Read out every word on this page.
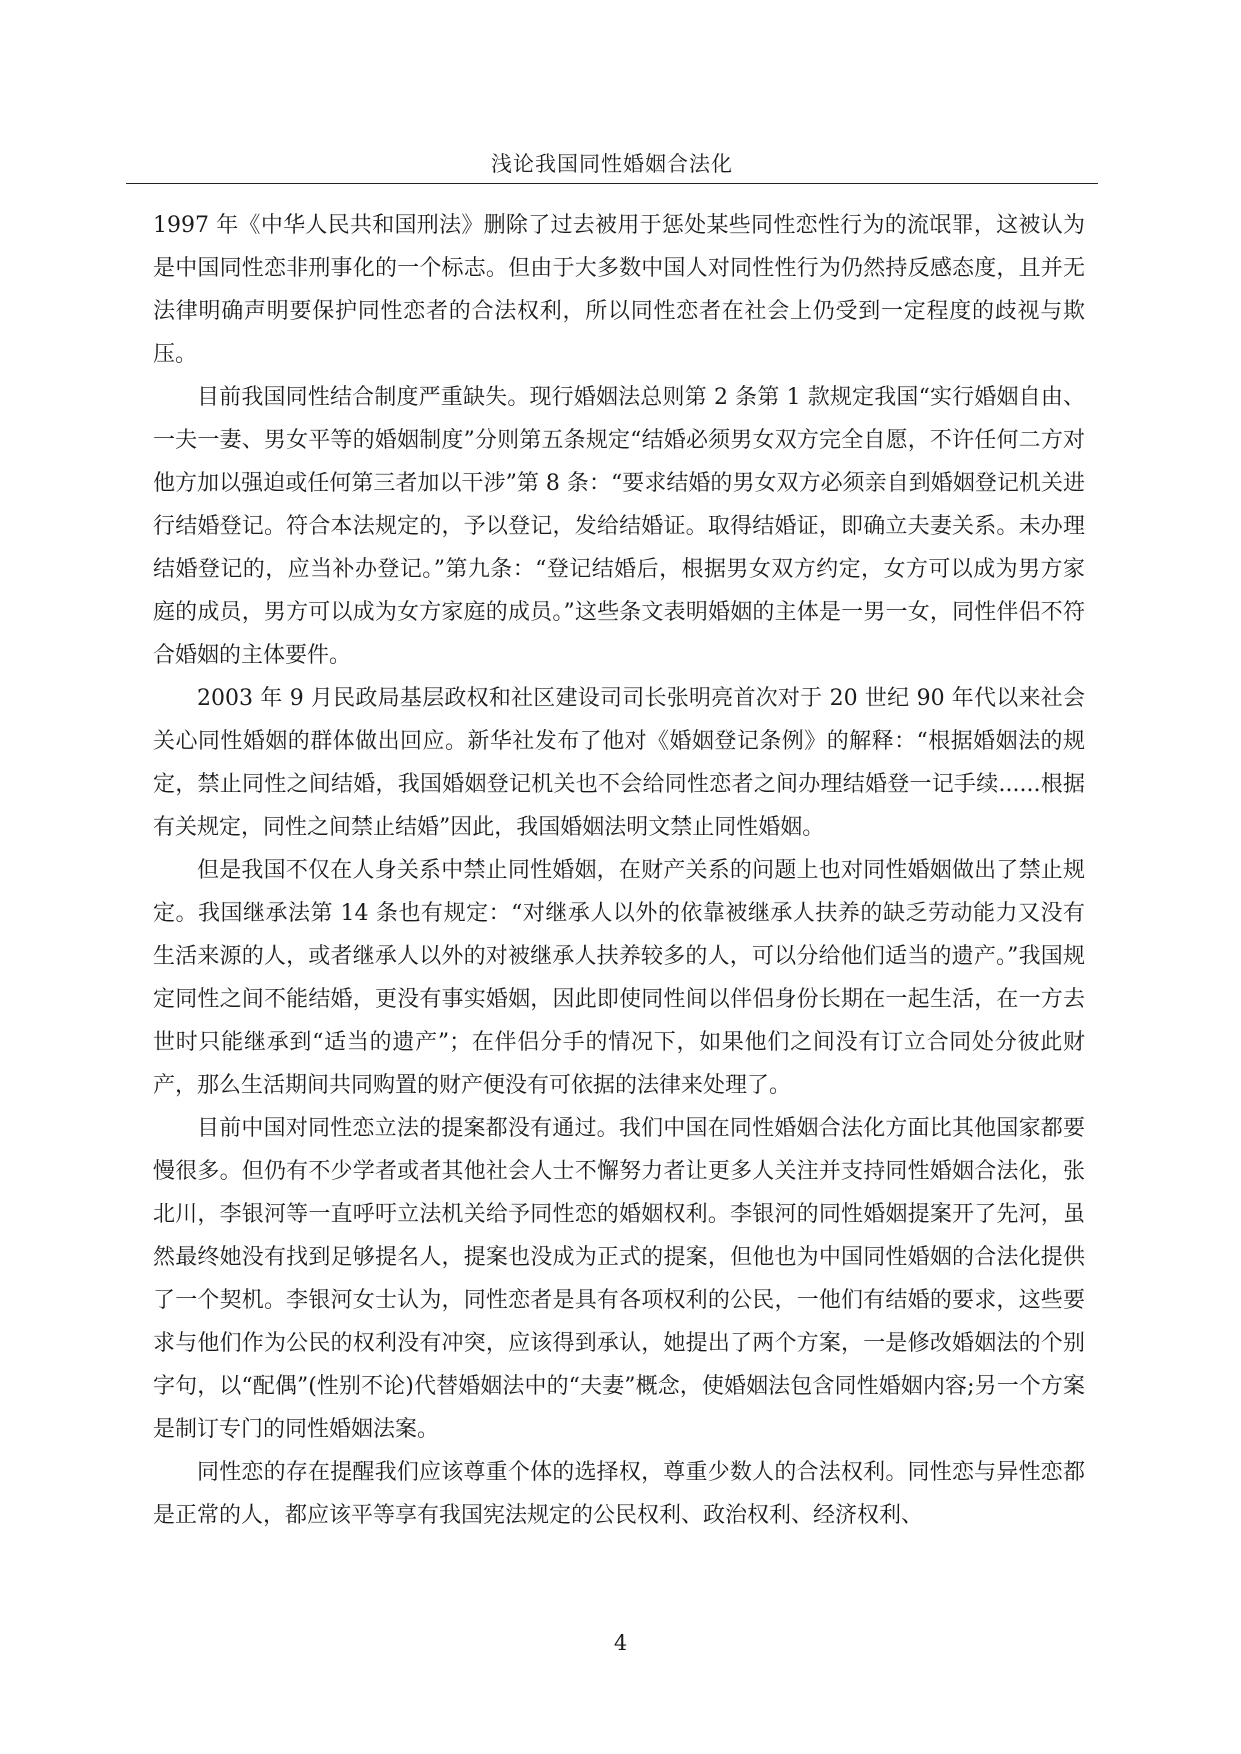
浅论我国同性婚姻合法化

1997 年《中华人民共和国刑法》删除了过去被用于惩处某些同性恋性行为的流氓罪，这被认为是中国同性恋非刑事化的一个标志。但由于大多数中国人对同性性行为仍然持反感态度，且并无法律明确声明要保护同性恋者的合法权利，所以同性恋者在社会上仍受到一定程度的歧视与欺压。

目前我国同性结合制度严重缺失。现行婚姻法总则第 2 条第 1 款规定我国“实行婚姻自由、一夫一妻、男女平等的婚姻制度”分则第五条规定“结婚必须男女双方完全自愿，不许任何二方对他方加以强迫或任何第三者加以干涉”第 8 条：“要求结婚的男女双方必须亲自到婚姻登记机关进行结婚登记。符合本法规定的，予以登记，发给结婚证。取得结婚证，即确立夫妻关系。未办理结婚登记的，应当补办登记。”第九条：“登记结婚后，根据男女双方约定，女方可以成为男方家庭的成员，男方可以成为女方家庭的成员。”这些条文表明婚姻的主体是一男一女，同性伴侣不符合婚姻的主体要件。

2003 年 9 月民政局基层政权和社区建设司司长张明亮首次对于 20 世纪 90 年代以来社会关心同性婚姻的群体做出回应。新华社发布了他对《婚姻登记条例》的解释：“根据婚姻法的规定，禁止同性之间结婚，我国婚姻登记机关也不会给同性恋者之间办理结婚登一记手续......根据有关规定，同性之间禁止结婚”因此，我国婚姻法明文禁止同性婚姻。

但是我国不仅在人身关系中禁止同性婚姻，在财产关系的问题上也对同性婚姻做出了禁止规定。我国继承法第 14 条也有规定：“对继承人以外的依靠被继承人扶养的缺乏劳动能力又没有生活来源的人，或者继承人以外的对被继承人扶养较多的人，可以分给他们适当的遗产。”我国规定同性之间不能结婚，更没有事实婚姻，因此即使同性间以伴侣身份长期在一起生活，在一方去世时只能继承到“适当的遗产”；在伴侣分手的情况下，如果他们之间没有订立合同处分彼此财产，那么生活期间共同购置的财产便没有可依据的法律来处理了。

目前中国对同性恋立法的提案都没有通过。我们中国在同性婚姻合法化方面比其他国家都要慢很多。但仍有不少学者或者其他社会人士不懈努力者让更多人关注并支持同性婚姻合法化，张北川，李银河等一直呼吁立法机关给予同性恋的婚姻权利。李银河的同性婚姻提案开了先河，虽然最终她没有找到足够提名人，提案也没成为正式的提案，但他也为中国同性婚姻的合法化提供了一个契机。李银河女士认为，同性恋者是具有各项权利的公民，一他们有结婚的要求，这些要求与他们作为公民的权利没有冲突，应该得到承认，她提出了两个方案，一是修改婚姻法的个别字句，以“配偶”(性别不论)代替婚姻法中的“夫妻”概念，使婚姻法包含同性婚姻内容;另一个方案是制订专门的同性婚姻法案。

同性恋的存在提醒我们应该尊重个体的选择权，尊重少数人的合法权利。同性恋与异性恋都是正常的人，都应该平等享有我国宪法规定的公民权利、政治权利、经济权利、

4
